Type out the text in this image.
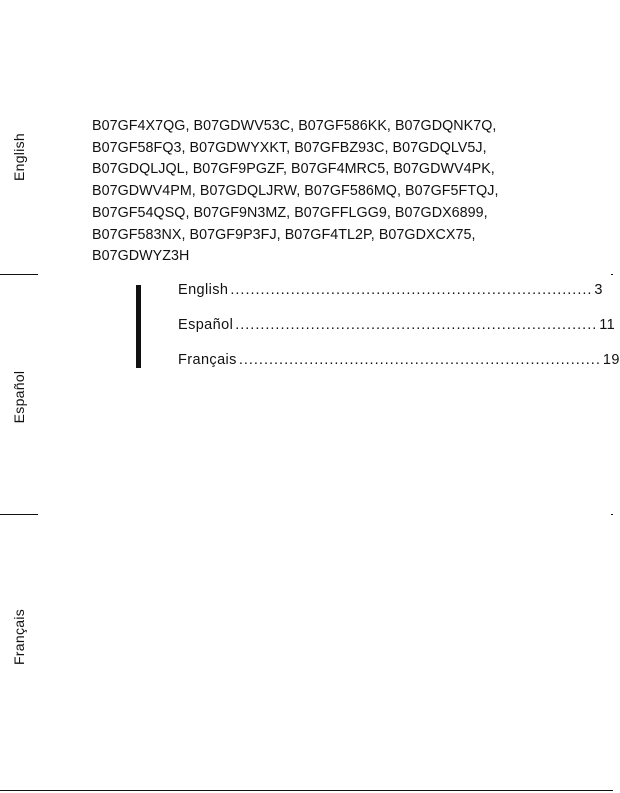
English
Español
Français
B07GF4X7QG, B07GDWV53C, B07GF586KK, B07GDQNK7Q,
B07GF58FQ3, B07GDWYXKT, B07GFBZ93C, B07GDQLV5J,
B07GDQLJQL, B07GF9PGZF, B07GF4MRC5, B07GDWV4PK,
B07GDWV4PM, B07GDQLJRW, B07GF586MQ, B07GF5FTQJ,
B07GF54QSQ, B07GF9N3MZ, B07GFFLGG9, B07GDX6899,
B07GF583NX, B07GF9P3FJ, B07GF4TL2P, B07GDXCX75,
B07GDWYZ3H
English ........................................................................ 3
Español ........................................................................ 11
Français ........................................................................ 19
